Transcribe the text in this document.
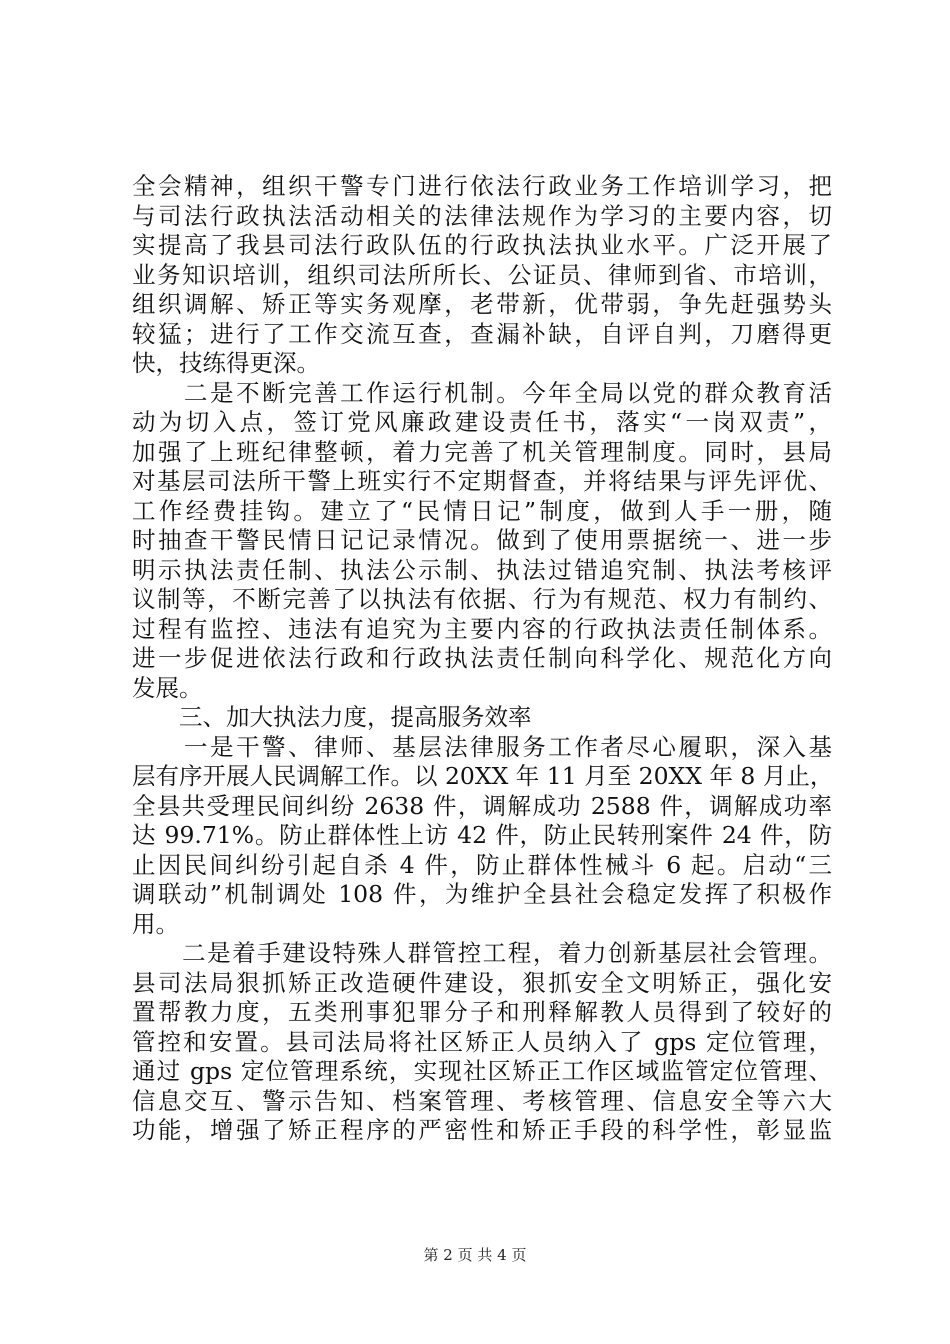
全会精神，组织干警专门进行依法行政业务工作培训学习，把
与司法行政执法活动相关的法律法规作为学习的主要内容，切
实提高了我县司法行政队伍的行政执法执业水平。广泛开展了
业务知识培训，组织司法所所长、公证员、律师到省、市培训，
组织调解、矫正等实务观摩，老带新，优带弱，争先赶强势头
较猛；进行了工作交流互查，查漏补缺，自评自判，刀磨得更
快，技练得更深。
　　二是不断完善工作运行机制。今年全局以党的群众教育活
动为切入点，签订党风廉政建设责任书，落实“一岗双责”，
加强了上班纪律整顿，着力完善了机关管理制度。同时，县局
对基层司法所干警上班实行不定期督查，并将结果与评先评优、
工作经费挂钩。建立了“民情日记”制度，做到人手一册，随
时抽查干警民情日记记录情况。做到了使用票据统一、进一步
明示执法责任制、执法公示制、执法过错追究制、执法考核评
议制等，不断完善了以执法有依据、行为有规范、权力有制约、
过程有监控、违法有追究为主要内容的行政执法责任制体系。
进一步促进依法行政和行政执法责任制向科学化、规范化方向
发展。
　　三、加大执法力度，提高服务效率
　　一是干警、律师、基层法律服务工作者尽心履职，深入基
层有序开展人民调解工作。以 20XX 年 11 月至 20XX 年 8 月止，
全县共受理民间纠纷 2638 件，调解成功 2588 件，调解成功率
达 99.71%。防止群体性上访 42 件，防止民转刑案件 24 件，防
止因民间纠纷引起自杀 4 件，防止群体性械斗 6 起。启动“三
调联动”机制调处 108 件，为维护全县社会稳定发挥了积极作
用。
　　二是着手建设特殊人群管控工程，着力创新基层社会管理。
县司法局狠抓矫正改造硬件建设，狠抓安全文明矫正，强化安
置帮教力度，五类刑事犯罪分子和刑释解教人员得到了较好的
管控和安置。县司法局将社区矫正人员纳入了 gps 定位管理，
通过 gps 定位管理系统，实现社区矫正工作区域监管定位管理、
信息交互、警示告知、档案管理、考核管理、信息安全等六大
功能，增强了矫正程序的严密性和矫正手段的科学性，彰显监
第 2 页 共 4 页
